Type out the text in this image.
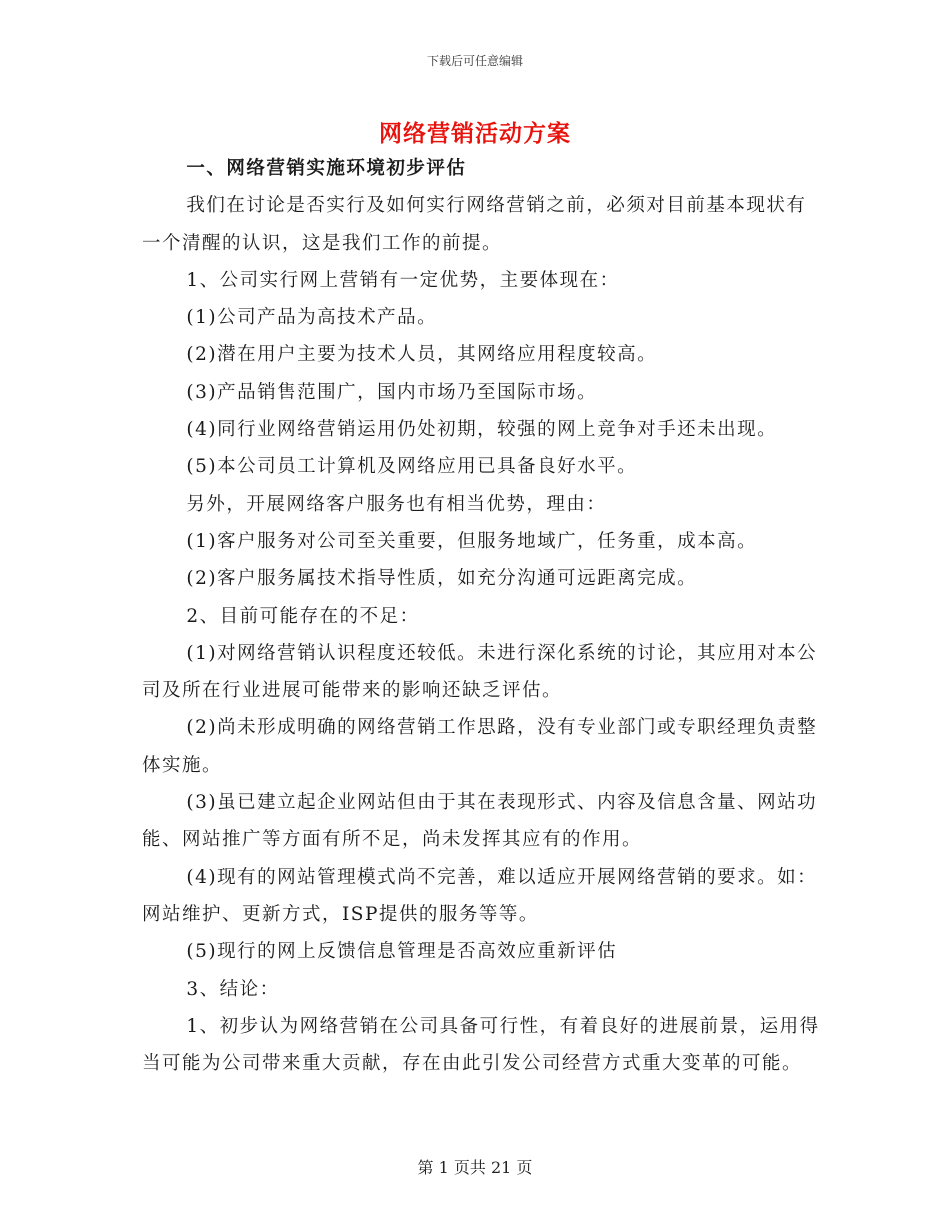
下载后可任意编辑
网络营销活动方案

一、网络营销实施环境初步评估

我们在讨论是否实行及如何实行网络营销之前，必须对目前基本现状有一个清醒的认识，这是我们工作的前提。

1、公司实行网上营销有一定优势，主要体现在：

(1)公司产品为高技术产品。

(2)潜在用户主要为技术人员，其网络应用程度较高。

(3)产品销售范围广，国内市场乃至国际市场。

(4)同行业网络营销运用仍处初期，较强的网上竞争对手还未出现。

(5)本公司员工计算机及网络应用已具备良好水平。

另外，开展网络客户服务也有相当优势，理由：

(1)客户服务对公司至关重要，但服务地域广，任务重，成本高。

(2)客户服务属技术指导性质，如充分沟通可远距离完成。

2、目前可能存在的不足：

(1)对网络营销认识程度还较低。未进行深化系统的讨论，其应用对本公司及所在行业进展可能带来的影响还缺乏评估。

(2)尚未形成明确的网络营销工作思路，没有专业部门或专职经理负责整体实施。

(3)虽已建立起企业网站但由于其在表现形式、内容及信息含量、网站功能、网站推广等方面有所不足，尚未发挥其应有的作用。

(4)现有的网站管理模式尚不完善，难以适应开展网络营销的要求。如：网站维护、更新方式，ISP提供的服务等等。

(5)现行的网上反馈信息管理是否高效应重新评估

3、结论：

1、初步认为网络营销在公司具备可行性，有着良好的进展前景，运用得当可能为公司带来重大贡献，存在由此引发公司经营方式重大变革的可能。

第 1 页共 21 页
